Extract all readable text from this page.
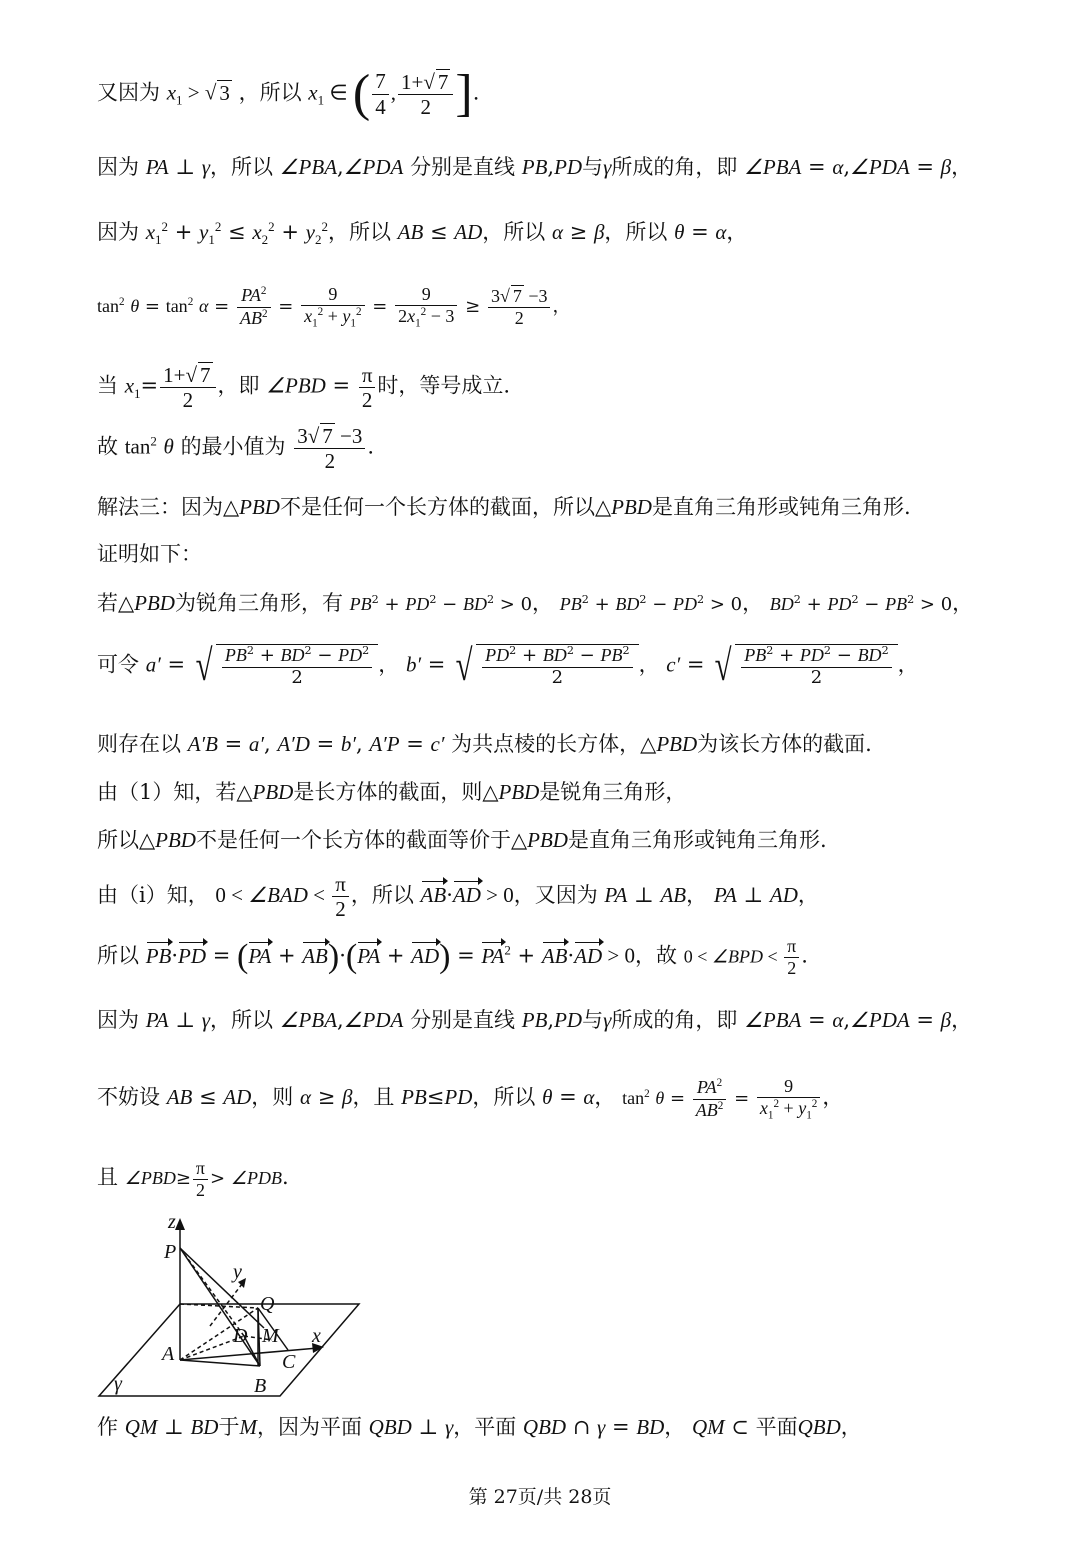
又因为 $x_1$ > √ 3 ，所以 $x_1$ ∈ ( $\frac{7}{4}$ , $\frac{1+√ 7}{2}$ ].
因为 PA ⊥ γ，所以 ∠PBA,∠PDA 分别是直线 PB,PD与γ所成的角，即 ∠PBA = α,∠PDA = β，
因为 $x_1^2 + y_1^2 \le x_2^2 + y_2^2$，所以 AB ≤ AD，所以 α ≥ β，所以 θ = α，
$\tan^2 \theta = \tan^2 \alpha = \frac{PA^2}{AB^2} = \frac{9}{x_1^2 + y_1^2} = \frac{9}{2x_1^2 - 3} \ge \frac{3√ 7 -3}{2}$ ，
当 $x_1= \frac{1+√ 7}{2}$ ，即 ∠PBD = $\frac{\pi}{2}$ 时，等号成立.
故 $\tan^2 \theta$ 的最小值为 $\frac{3√ 7 -3}{2}$ .
解法三：因为△PBD不是任何一个长方体的截面，所以△PBD是直角三角形或钝角三角形.
证明如下：
若△PBD为锐角三角形，有 $PB^2 + PD^2 - BD^2 > 0$， $PB^2 + BD^2 - PD^2 > 0$， $BD^2 + PD^2 - PB^2 > 0$，
可令 a′ = √ $\frac{PB^2 + BD^2 - PD^2}{2}$ ， b′ = √ $\frac{PD^2 + BD^2 - PB^2}{2}$ ， c′ = √ $\frac{PB^2 + PD^2 - BD^2}{2}$ ，
则存在以 A′B = a′, A′D = b′, A′P = c′ 为共点棱的长方体，△PBD为该长方体的截面.
由（1）知，若△PBD是长方体的截面，则△PBD是锐角三角形，
所以△PBD不是任何一个长方体的截面等价于△PBD是直角三角形或钝角三角形.
由（i）知， 0 < ∠BAD < $\frac{\pi}{2}$ ，所以 AB·AD > 0，又因为 PA ⊥ AB， PA ⊥ AD，
所以 $PB\cdot PD = (PA + AB)\cdot(PA + AD) = PA^2 + AB\cdot AD > 0$，故 0 < ∠BPD < $\frac{\pi}{2}$ .
因为 PA ⊥ γ，所以 ∠PBA,∠PDA 分别是直线 PB,PD与γ所成的角，即 ∠PBA = α,∠PDA = β，
不妨设 AB ≤ AD，则 α ≥ β，且 PB≤PD，所以 θ = α， $\tan^2 \theta = \frac{PA^2}{AB^2} = \frac{9}{x_1^2 + y_1^2}$ ，
且 ∠PBD≥ $\frac{\pi}{2}$ > ∠PDB.
z
P
y
Q
D M x
A	C
B
γ
作 QM ⊥ BD于M，因为平面 QBD ⊥ γ，平面 QBD ∩ γ = BD， QM ⊂ 平面QBD，
第 27页/共 28页
